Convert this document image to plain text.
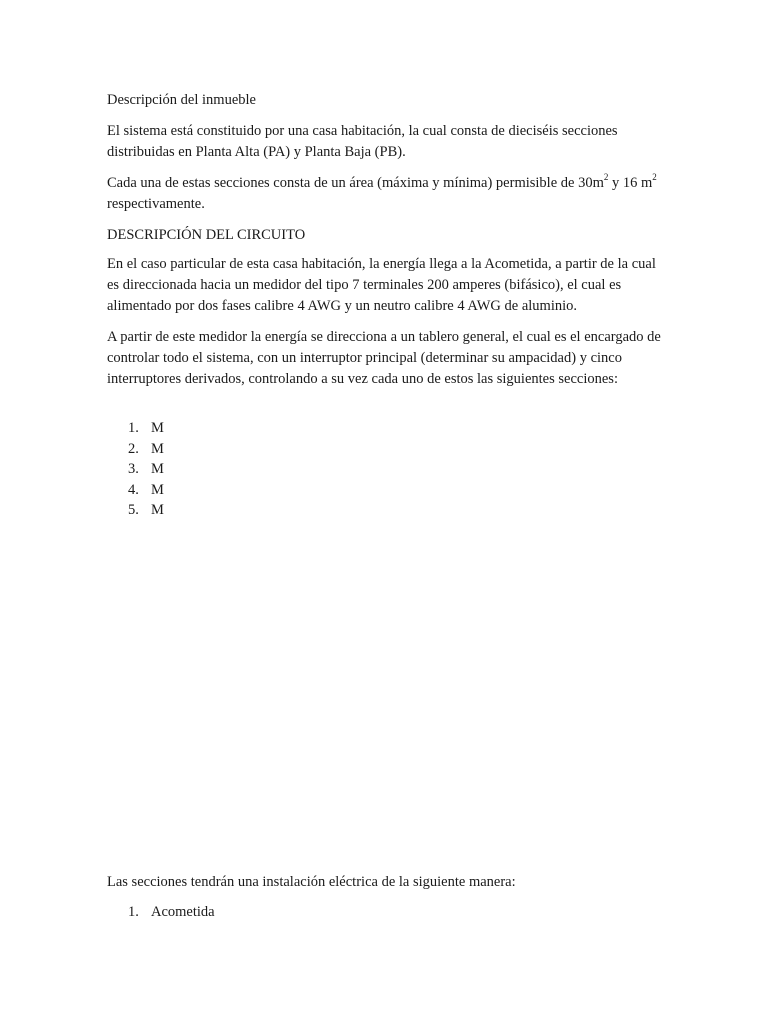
Descripción del inmueble

El sistema está constituido por una casa habitación, la cual consta de dieciséis secciones distribuidas en Planta Alta (PA) y Planta Baja (PB).

Cada una de estas secciones consta de un área (máxima y mínima) permisible de $30m^2$ y 16 $m^2$ respectivamente.

DESCRIPCIÓN DEL CIRCUITO

En el caso particular de esta casa habitación, la energía llega a la Acometida, a partir de la cual es direccionada hacia un medidor del tipo 7 terminales 200 amperes (bifásico), el cual es alimentado por dos fases calibre 4 AWG y un neutro calibre 4 AWG de aluminio.

A partir de este medidor la energía se direcciona a un tablero general, el cual es el encargado de controlar todo el sistema, con un interruptor principal (determinar su ampacidad) y cinco interruptores derivados, controlando a su vez cada uno de estos las siguientes secciones:

1. M
2. M
3. M
4. M
5. M

Las secciones tendrán una instalación eléctrica de la siguiente manera:

1. Acometida
